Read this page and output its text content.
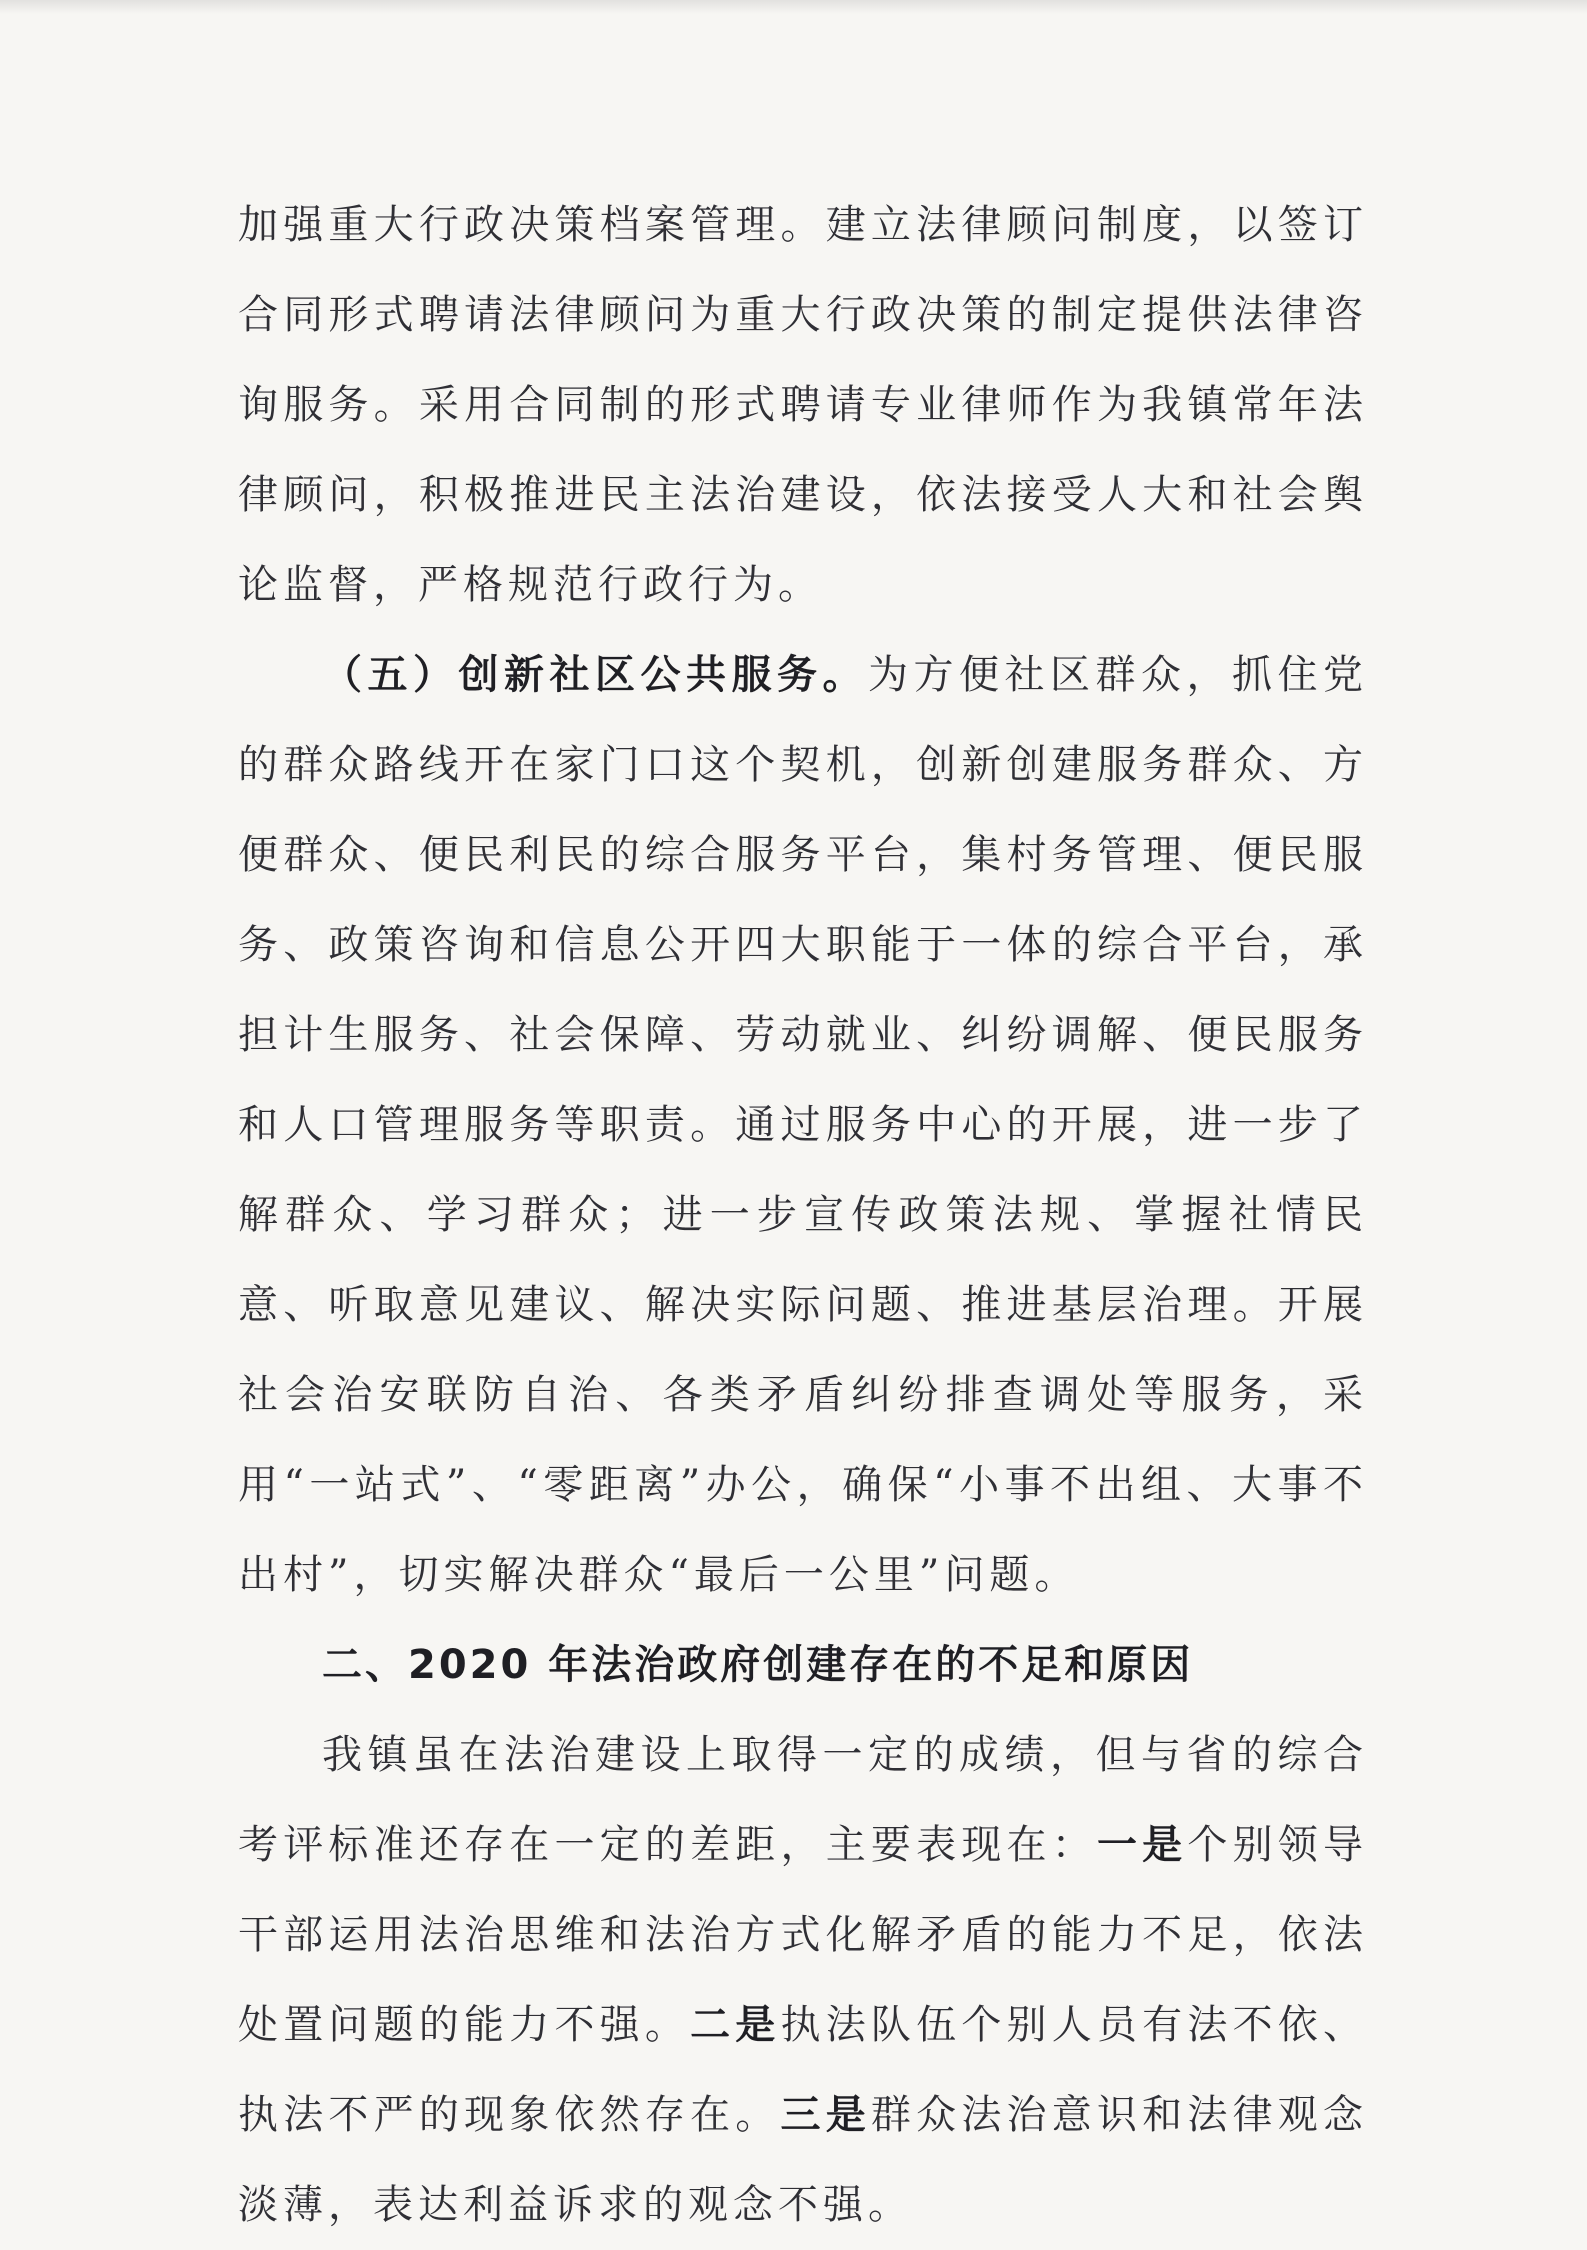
加强重大行政决策档案管理。建立法律顾问制度，以签订合同形式聘请法律顾问为重大行政决策的制定提供法律咨询服务。采用合同制的形式聘请专业律师作为我镇常年法律顾问，积极推进民主法治建设，依法接受人大和社会舆论监督，严格规范行政行为。

（五）创新社区公共服务。为方便社区群众，抓住党的群众路线开在家门口这个契机，创新创建服务群众、方便群众、便民利民的综合服务平台，集村务管理、便民服务、政策咨询和信息公开四大职能于一体的综合平台，承担计生服务、社会保障、劳动就业、纠纷调解、便民服务和人口管理服务等职责。通过服务中心的开展，进一步了解群众、学习群众；进一步宣传政策法规、掌握社情民意、听取意见建议、解决实际问题、推进基层治理。开展社会治安联防自治、各类矛盾纠纷排查调处等服务，采用“一站式”、“零距离”办公，确保“小事不出组、大事不出村”，切实解决群众“最后一公里”问题。

二、2020 年法治政府创建存在的不足和原因

我镇虽在法治建设上取得一定的成绩，但与省的综合考评标准还存在一定的差距，主要表现在：一是个别领导干部运用法治思维和法治方式化解矛盾的能力不足，依法处置问题的能力不强。二是执法队伍个别人员有法不依、执法不严的现象依然存在。三是群众法治意识和法律观念淡薄，表达利益诉求的观念不强。
